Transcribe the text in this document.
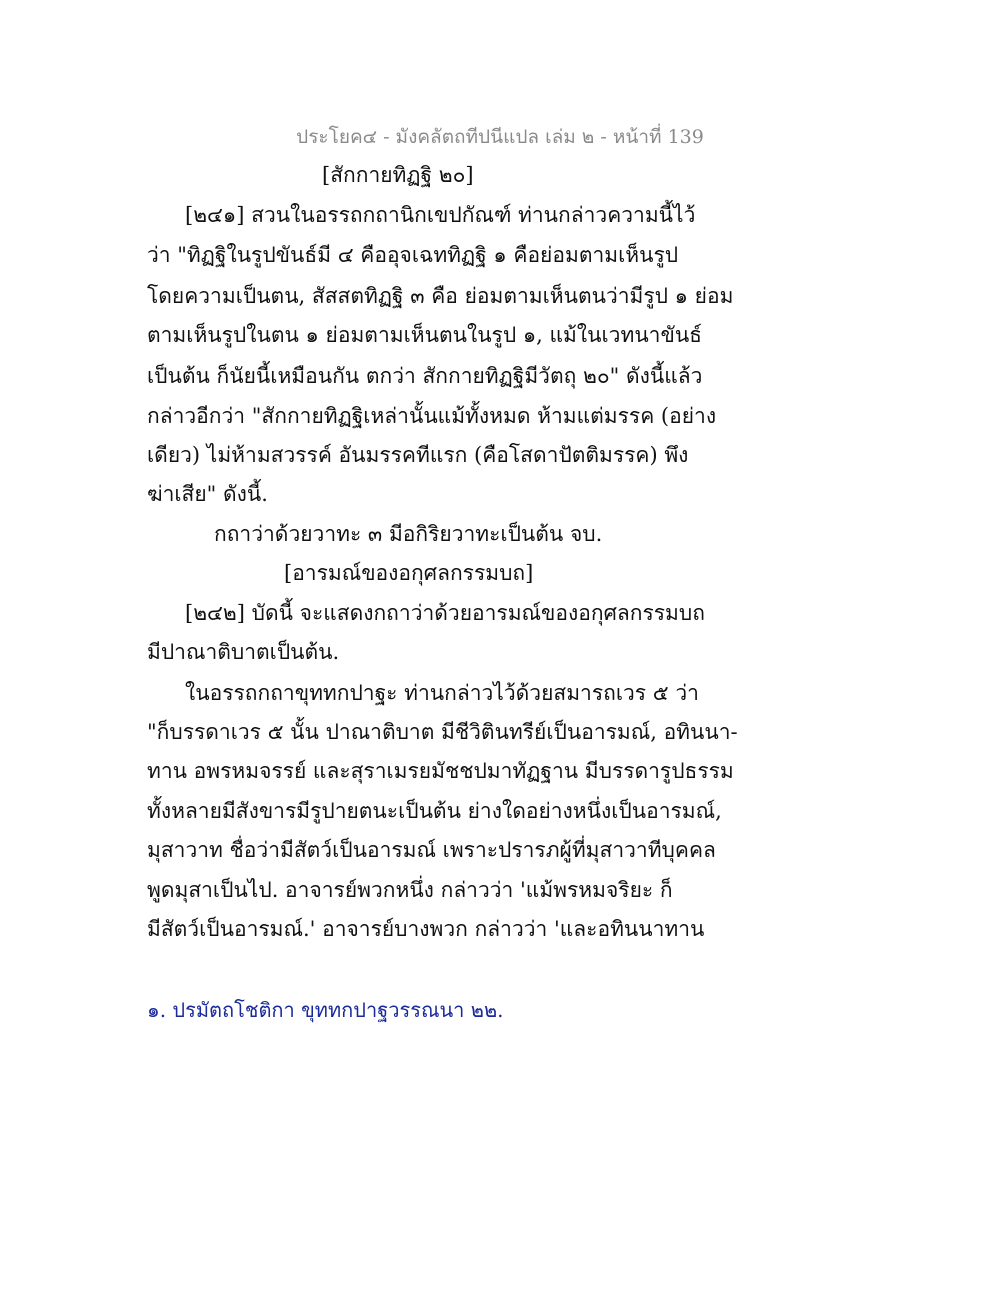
ประโยค๔ - มังคลัตถทีปนีแปล เล่ม ๒ - หน้าที่ 139
[สักกายทิฏฐิ ๒๐]
[๒๔๑] สวนในอรรถกถานิกเขปกัณฑ์ ท่านกล่าวความนี้ไว้
ว่า "ทิฏฐิในรูปขันธ์มี ๔ คืออุจเฉททิฏฐิ ๑ คือย่อมตามเห็นรูป
โดยความเป็นตน, สัสสตทิฏฐิ ๓ คือ ย่อมตามเห็นตนว่ามีรูป ๑ ย่อม
ตามเห็นรูปในตน ๑ ย่อมตามเห็นตนในรูป ๑, แม้ในเวทนาขันธ์
เป็นต้น ก็นัยนี้เหมือนกัน ตกว่า สักกายทิฏฐิมีวัตถุ ๒๐" ดังนี้แล้ว
กล่าวอีกว่า "สักกายทิฏฐิเหล่านั้นแม้ทั้งหมด ห้ามแต่มรรค (อย่าง
เดียว) ไม่ห้ามสวรรค์ อันมรรคทีแรก (คือโสดาปัตติมรรค) พึง
ฆ่าเสีย" ดังนี้.
กถาว่าด้วยวาทะ ๓ มีอกิริยวาทะเป็นต้น จบ.
[อารมณ์ของอกุศลกรรมบถ]
[๒๔๒] บัดนี้ จะแสดงกถาว่าด้วยอารมณ์ของอกุศลกรรมบถ
มีปาณาติบาตเป็นต้น.
ในอรรถกถาขุททกปาฐะ ท่านกล่าวไว้ด้วยสมารถเวร ๕ ว่า
"ก็บรรดาเวร ๕ นั้น ปาณาติบาต มีชีวิตินทรีย์เป็นอารมณ์, อทินนา-
ทาน อพรหมจรรย์ และสุราเมรยมัชชปมาทัฏฐาน มีบรรดารูปธรรม
ทั้งหลายมีสังขารมีรูปายตนะเป็นต้น ย่างใดอย่างหนึ่งเป็นอารมณ์,
มุสาวาท ชื่อว่ามีสัตว์เป็นอารมณ์ เพราะปรารภผู้ที่มุสาวาทีบุคคล
พูดมุสาเป็นไป. อาจารย์พวกหนึ่ง กล่าวว่า 'แม้พรหมจริยะ ก็
มีสัตว์เป็นอารมณ์.' อาจารย์บางพวก กล่าวว่า 'และอทินนาทาน
๑. ปรมัตถโชติกา ขุททกปาฐวรรณนา ๒๒.
